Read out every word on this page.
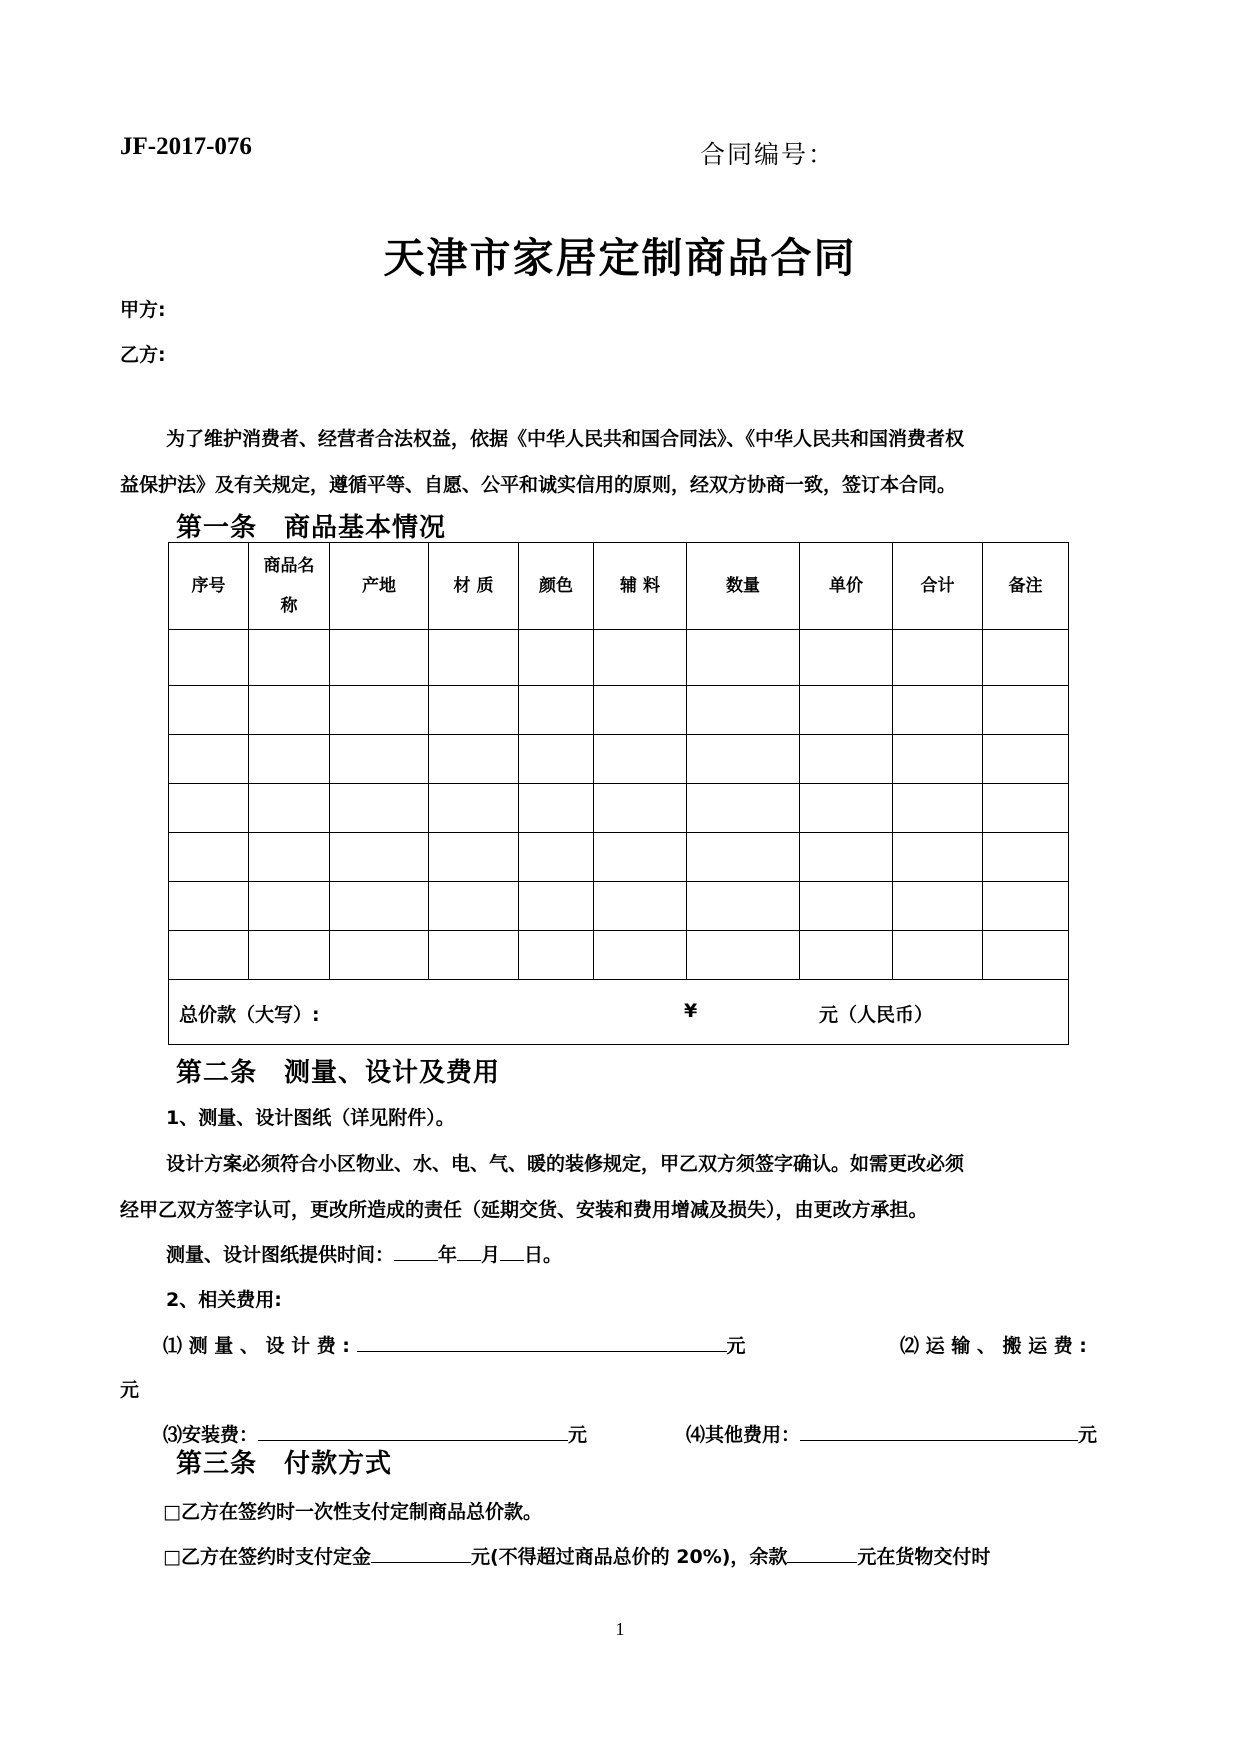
JF-2017-076	合同编号：
天津市家居定制商品合同
甲方:
乙方:
为了维护消费者、经营者合法权益，依据《中华人民共和国合同法》、《中华人民共和国消费者权
益保护法》及有关规定，遵循平等、自愿、公平和诚实信用的原则，经双方协商一致，签订本合同。
第一条　商品基本情况
序号	商品名称	产地	材 质	颜色	辅 料	数量	单价	合计	备注

总价款（大写）: ¥ 元（人民币）									
第二条　测量、设计及费用
1、测量、设计图纸（详见附件）。
设计方案必须符合小区物业、水、电、气、暖的装修规定，甲乙双方须签字确认。如需更改必须
经甲乙双方签字认可，更改所造成的责任（延期交货、安装和费用增减及损失），由更改方承担。
测量、设计图纸提供时间： 年 月 日。
2、相关费用:
⑴ 测 量 、 设 计 费 :	元	⑵ 运 输 、 搬 运 费 :
元
⑶安装费：	元	⑷其他费用：	元
第三条　付款方式
□乙方在签约时一次性支付定制商品总价款。
□乙方在签约时支付定金	元(不得超过商品总价的 20%)，余款	元在货物交付时
1
